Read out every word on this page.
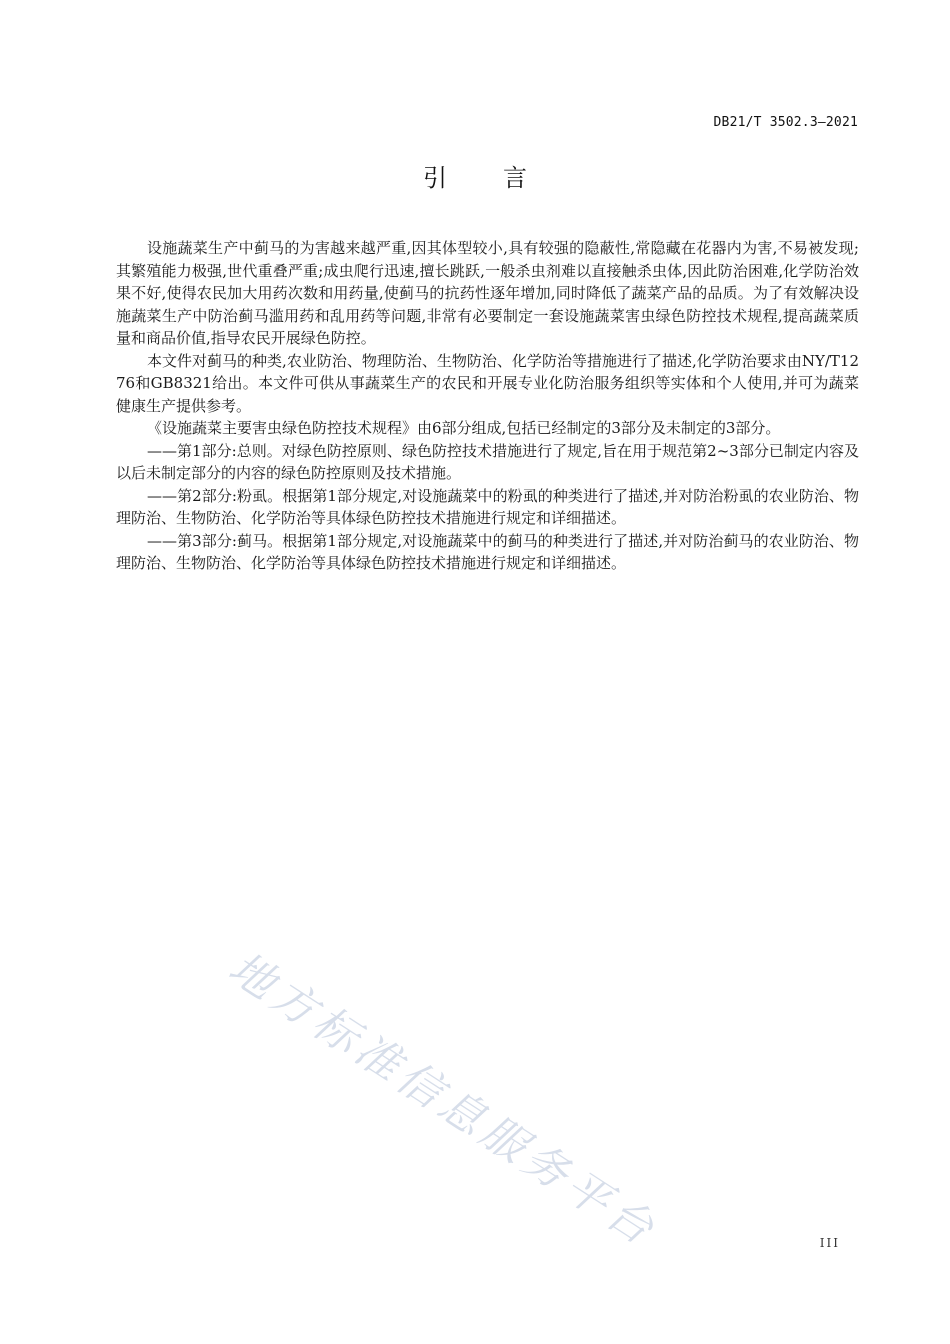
DB21/T 3502.3—2021
引言

设施蔬菜生产中蓟马的为害越来越严重,因其体型较小,具有较强的隐蔽性,常隐藏在花器内为害,不易被发现;其繁殖能力极强,世代重叠严重;成虫爬行迅速,擅长跳跃,一般杀虫剂难以直接触杀虫体,因此防治困难,化学防治效果不好,使得农民加大用药次数和用药量,使蓟马的抗药性逐年增加,同时降低了蔬菜产品的品质。为了有效解决设施蔬菜生产中防治蓟马滥用药和乱用药等问题,非常有必要制定一套设施蔬菜害虫绿色防控技术规程,提高蔬菜质量和商品价值,指导农民开展绿色防控。

本文件对蓟马的种类,农业防治、物理防治、生物防治、化学防治等措施进行了描述,化学防治要求由NY/T1276和GB8321给出。本文件可供从事蔬菜生产的农民和开展专业化防治服务组织等实体和个人使用,并可为蔬菜健康生产提供参考。

《设施蔬菜主要害虫绿色防控技术规程》由6部分组成,包括已经制定的3部分及未制定的3部分。

——第1部分:总则。对绿色防控原则、绿色防控技术措施进行了规定,旨在用于规范第2~3部分已制定内容及以后未制定部分的内容的绿色防控原则及技术措施。

——第2部分:粉虱。根据第1部分规定,对设施蔬菜中的粉虱的种类进行了描述,并对防治粉虱的农业防治、物理防治、生物防治、化学防治等具体绿色防控技术措施进行规定和详细描述。

——第3部分:蓟马。根据第1部分规定,对设施蔬菜中的蓟马的种类进行了描述,并对防治蓟马的农业防治、物理防治、生物防治、化学防治等具体绿色防控技术措施进行规定和详细描述。

地方标准信息服务平台	III
